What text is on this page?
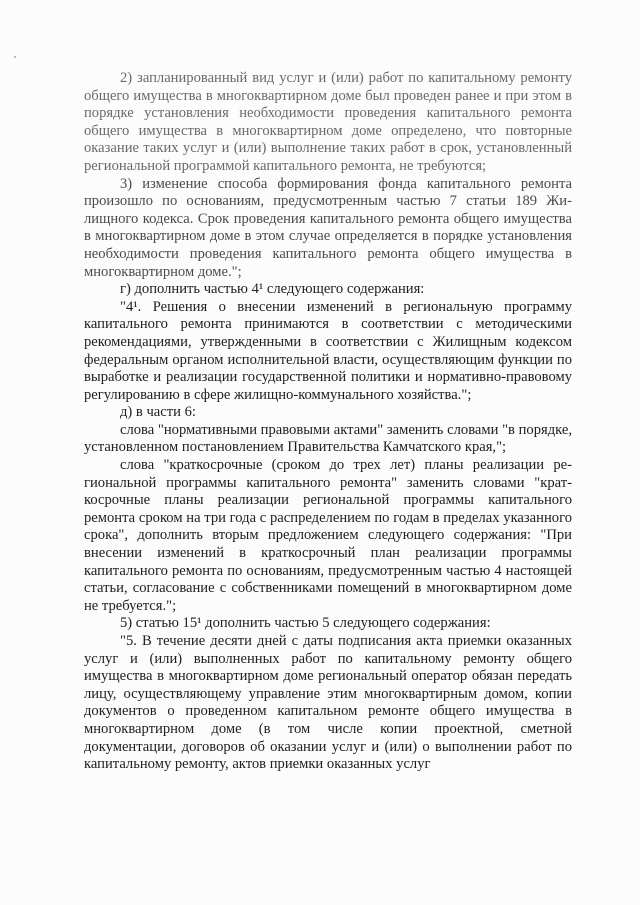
2) запланированный вид услуг и (или) работ по капитальному ремонту общего имущества в многоквартирном доме был проведен ранее и при этом в порядке установления необходимости проведения капитального ремонта общего имущества в многоквартирном доме определено, что повторные оказание таких услуг и (или) выполнение таких работ в срок, установленный региональной программой капитального ремонта, не требуются;

3) изменение способа формирования фонда капитального ремонта произошло по основаниям, предусмотренным частью 7 статьи 189 Жилищного кодекса. Срок проведения капитального ремонта общего имущества в многоквартирном доме в этом случае определяется в порядке установления необходимости проведения капитального ремонта общего имущества в многоквартирном доме.";

г) дополнить частью 4¹ следующего содержания:

"4¹. Решения о внесении изменений в региональную программу капитального ремонта принимаются в соответствии с методическими рекомендациями, утвержденными в соответствии с Жилищным кодексом федеральным органом исполнительной власти, осуществляющим функции по выработке и реализации государственной политики и нормативно-правовому регулированию в сфере жилищно-коммунального хозяйства.";

д) в части 6:

слова "нормативными правовыми актами" заменить словами "в порядке, установленном постановлением Правительства Камчатского края,";

слова "краткосрочные (сроком до трех лет) планы реализации региональной программы капитального ремонта" заменить словами "краткосрочные планы реализации региональной программы капитального ремонта сроком на три года с распределением по годам в пределах указанного срока", дополнить вторым предложением следующего содержания: "При внесении изменений в краткосрочный план реализации программы капитального ремонта по основаниям, предусмотренным частью 4 настоящей статьи, согласование с собственниками помещений в многоквартирном доме не требуется.";

5) статью 15¹ дополнить частью 5 следующего содержания:

"5. В течение десяти дней с даты подписания акта приемки оказанных услуг и (или) выполненных работ по капитальному ремонту общего имущества в многоквартирном доме региональный оператор обязан передать лицу, осуществляющему управление этим многоквартирным домом, копии документов о проведенном капитальном ремонте общего имущества в многоквартирном доме (в том числе копии проектной, сметной документации, договоров об оказании услуг и (или) о выполнении работ по капитальному ремонту, актов приемки оказанных услуг
